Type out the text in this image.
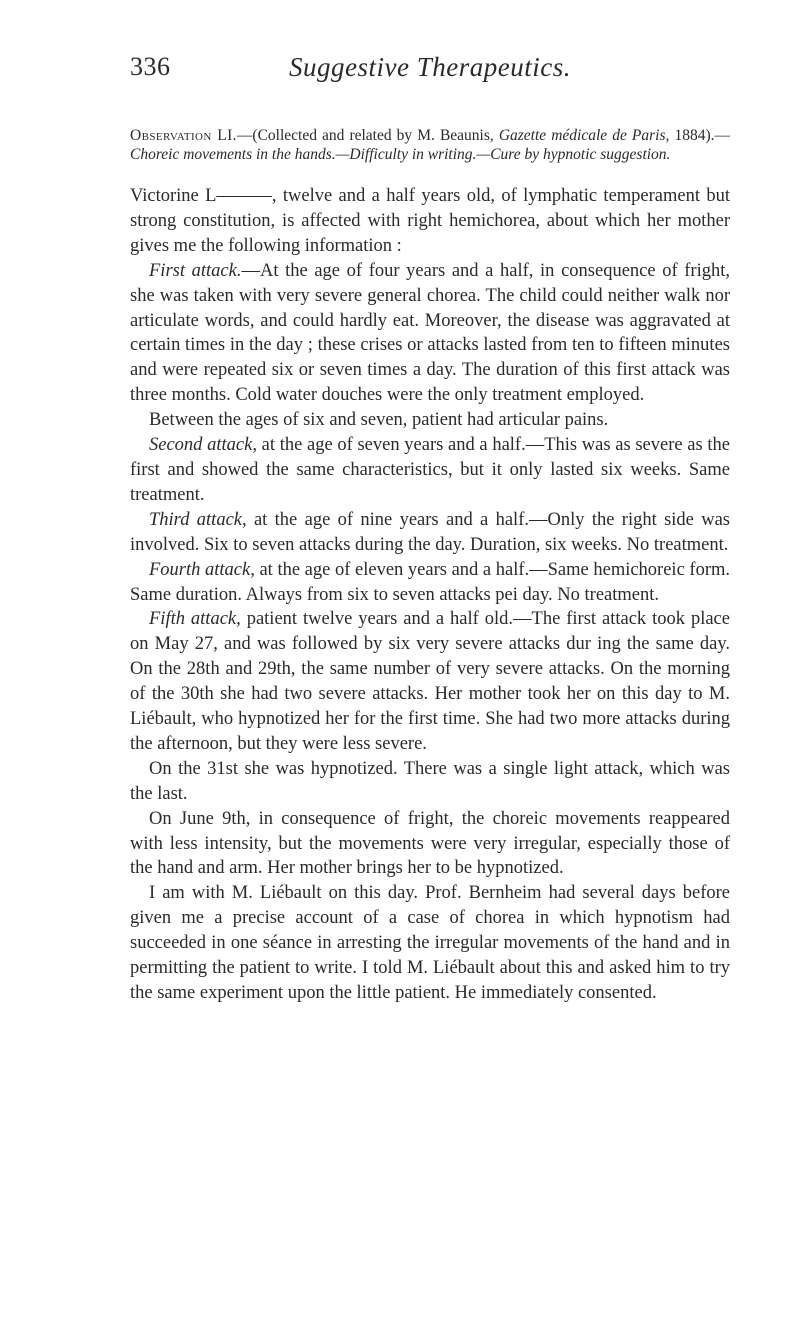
336	Suggestive Therapeutics.

Observation LI.—(Collected and related by M. Beaunis, Gazette médicale de Paris, 1884).—Choreic movements in the hands.—Difficulty in writing.—Cure by hypnotic suggestion.

Victorine L———, twelve and a half years old, of lymphatic temperament but strong constitution, is affected with right hemichorea, about which her mother gives me the following information :

First attack.—At the age of four years and a half, in consequence of fright, she was taken with very severe general chorea. The child could neither walk nor articulate words, and could hardly eat. Moreover, the disease was aggravated at certain times in the day ; these crises or attacks lasted from ten to fifteen minutes and were repeated six or seven times a day. The duration of this first attack was three months. Cold water douches were the only treatment employed.

Between the ages of six and seven, patient had articular pains.

Second attack, at the age of seven years and a half.—This was as severe as the first and showed the same characteristics, but it only lasted six weeks. Same treatment.

Third attack, at the age of nine years and a half.—Only the right side was involved. Six to seven attacks during the day. Duration, six weeks. No treatment.

Fourth attack, at the age of eleven years and a half.—Same hemichoreic form. Same duration. Always from six to seven attacks pei day. No treatment.

Fifth attack, patient twelve years and a half old.—The first attack took place on May 27, and was followed by six very severe attacks dur ing the same day. On the 28th and 29th, the same number of very severe attacks. On the morning of the 30th she had two severe attacks. Her mother took her on this day to M. Liébault, who hypnotized her for the first time. She had two more attacks during the afternoon, but they were less severe.

On the 31st she was hypnotized. There was a single light attack, which was the last.

On June 9th, in consequence of fright, the choreic movements reappeared with less intensity, but the movements were very irregular, especially those of the hand and arm. Her mother brings her to be hypnotized.

I am with M. Liébault on this day. Prof. Bernheim had several days before given me a precise account of a case of chorea in which hypnotism had succeeded in one séance in arresting the irregular movements of the hand and in permitting the patient to write. I told M. Liébault about this and asked him to try the same experiment upon the little patient. He immediately consented.
